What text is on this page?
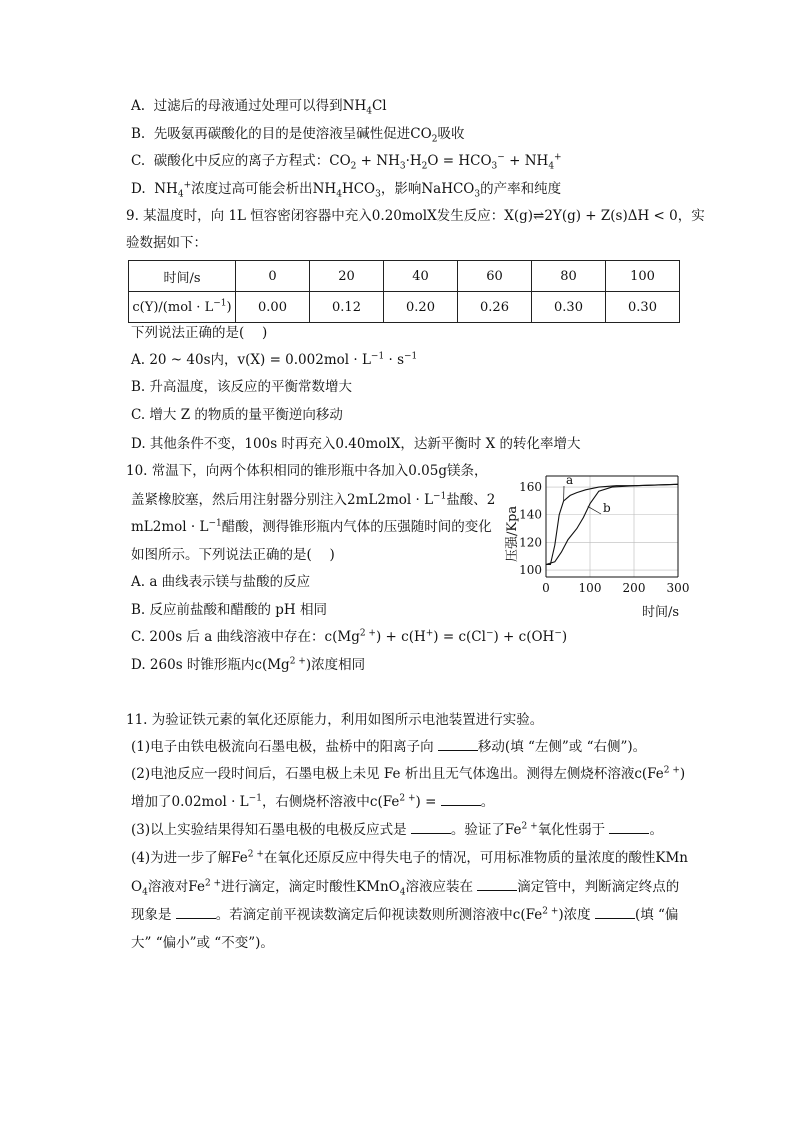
A. 过滤后的母液通过处理可以得到$NH_4Cl$
B. 先吸氨再碳酸化的目的是使溶液呈碱性促进$CO_2$吸收
C. 碳酸化中反应的离子方程式：$CO_2 + NH_3\cdot H_2O = HCO_3^- + NH_4^+$
D. $NH_4^+$浓度过高可能会析出$NH_4HCO_3$，影响NaHCO$_3$的产率和纯度
9. 某温度时，向 1L 恒容密闭容器中充入0.20molX发生反应：X(g)⇌2Y(g) + Z(s)ΔH < 0，实
验数据如下：
时间/s	0	20	40	60	80	100
$c(Y)/(mol \cdot L^{-1})$	0.00	0.12	0.20	0.26	0.30	0.30
下列说法正确的是(　 )
A. 20 ~ 40s内，$v(X) = 0.002mol \cdot L^{-1} \cdot s^{-1}$
B. 升高温度，该反应的平衡常数增大
C. 增大 Z 的物质的量平衡逆向移动
D. 其他条件不变，100s 时再充入0.40molX，达新平衡时 X 的转化率增大
10. 常温下，向两个体积相同的锥形瓶中各加入0.05g镁条，
盖紧橡胶塞，然后用注射器分别注入$2mL2mol \cdot L^{-1}$盐酸、2
$mL2mol \cdot L^{-1}$醋酸，测得锥形瓶内气体的压强随时间的变化
如图所示。下列说法正确的是(　 )
A. a 曲线表示镁与盐酸的反应
B. 反应前盐酸和醋酸的 pH 相同
C. 200s 后 a 曲线溶液中存在：$c(Mg^{2 +}) + c(H^+) = c(Cl^-) + c(OH^-)$
D. 260s 时锥形瓶内$c(Mg^{2 +})$浓度相同
100
120
140
160
0 100 200 300
a
b
压强/Kpa
时间/s
11. 为验证铁元素的氧化还原能力，利用如图所示电池装置进行实验。
(1)电子由铁电极流向石墨电极，盐桥中的阳离子向	移动(填 “左侧”或 “右侧”)。
(2)电池反应一段时间后，石墨电极上未见 Fe 析出且无气体逸出。测得左侧烧杯溶液$c(Fe^{2 +})$
增加了$0.02mol \cdot L^{-1}$，右侧烧杯溶液中$c(Fe^{2 +})$ =	。
(3)以上实验结果得知石墨电极的电极反应式是	。验证了$Fe^{2 +}$氧化性弱于	。
(4)为进一步了解$Fe^{2 +}$在氧化还原反应中得失电子的情况，可用标准物质的量浓度的酸性KMn
$O_4$溶液对$Fe^{2 +}$进行滴定，滴定时酸性KMnO$_4$溶液应装在	滴定管中，判断滴定终点的
现象是	。若滴定前平视读数滴定后仰视读数则所测溶液中$c(Fe^{2 +})$浓度	(填 “偏
大” “偏小”或 “不变”)。
